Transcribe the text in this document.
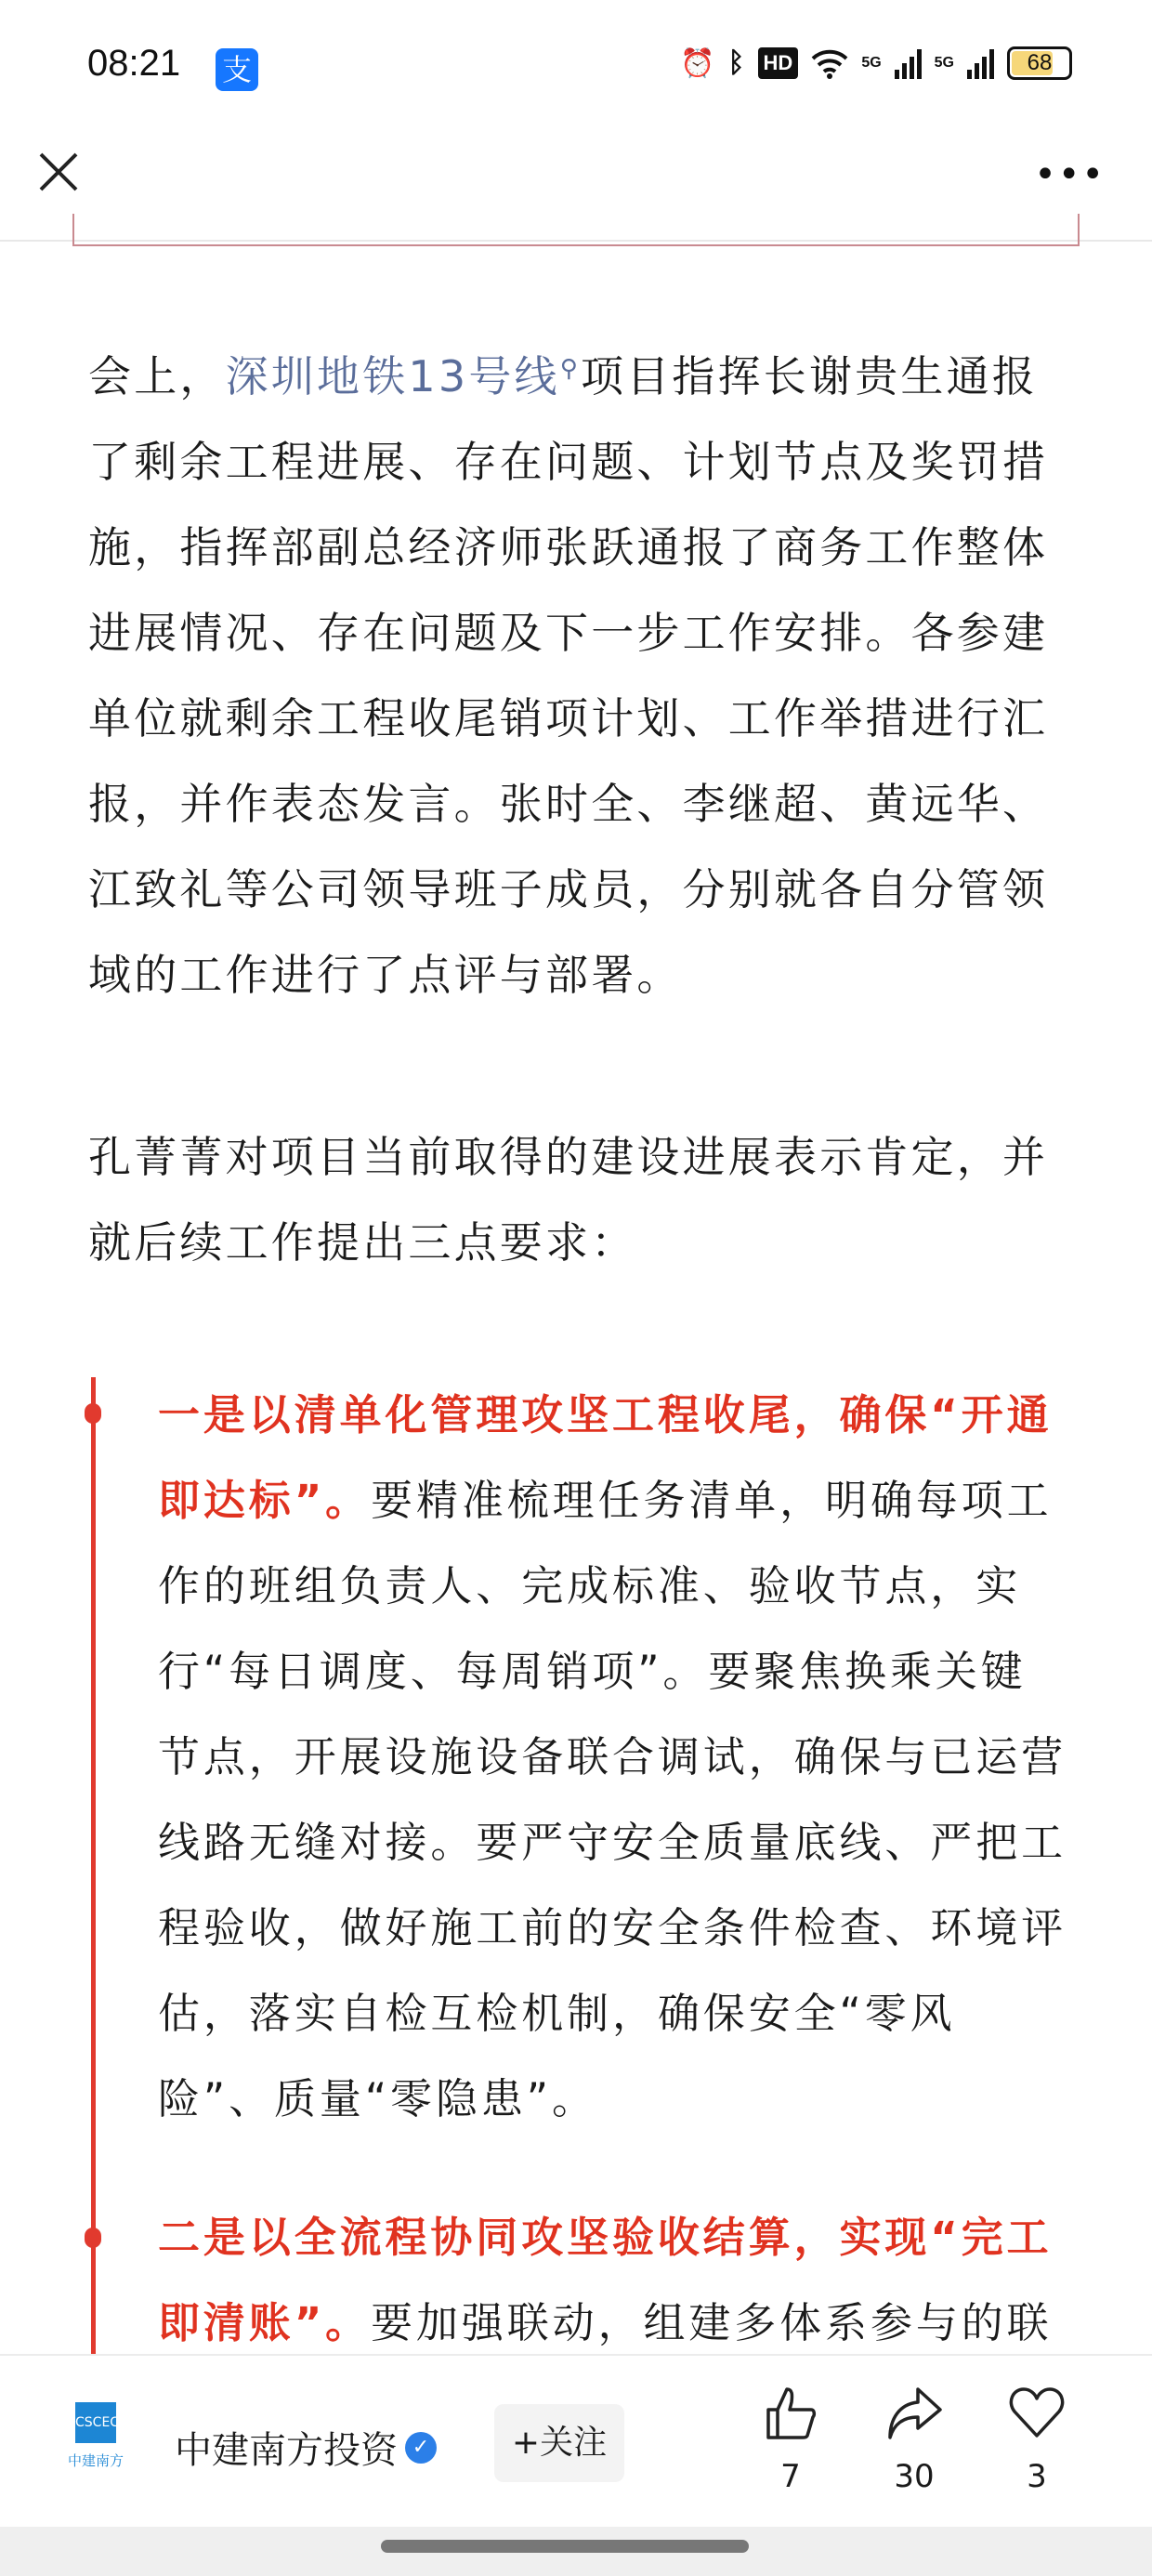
08:21 支	⏰ ᛒ HD	5G	5G	68
•••
会上，深圳地铁13号线⚲项目指挥长谢贵生通报了剩余工程进展、存在问题、计划节点及奖罚措施，指挥部副总经济师张跃通报了商务工作整体进展情况、存在问题及下一步工作安排。各参建单位就剩余工程收尾销项计划、工作举措进行汇报，并作表态发言。张时全、李继超、黄远华、江致礼等公司领导班子成员，分别就各自分管领域的工作进行了点评与部署。
孔菁菁对项目当前取得的建设进展表示肯定，并就后续工作提出三点要求：
一是以清单化管理攻坚工程收尾，确保“开通即达标”。要精准梳理任务清单，明确每项工作的班组负责人、完成标准、验收节点，实行“每日调度、每周销项”。要聚焦换乘关键节点，开展设施设备联合调试，确保与已运营线路无缝对接。要严守安全质量底线、严把工程验收，做好施工前的安全条件检查、环境评估，落实自检互检机制，确保安全“零风险”、质量“零隐患”。
二是以全流程协同攻坚验收结算，实现“完工即清账”。要加强联动，组建多体系参与的联
CSCEC
中建南方 中建南方投资 ✓	+关注
7	30	3
